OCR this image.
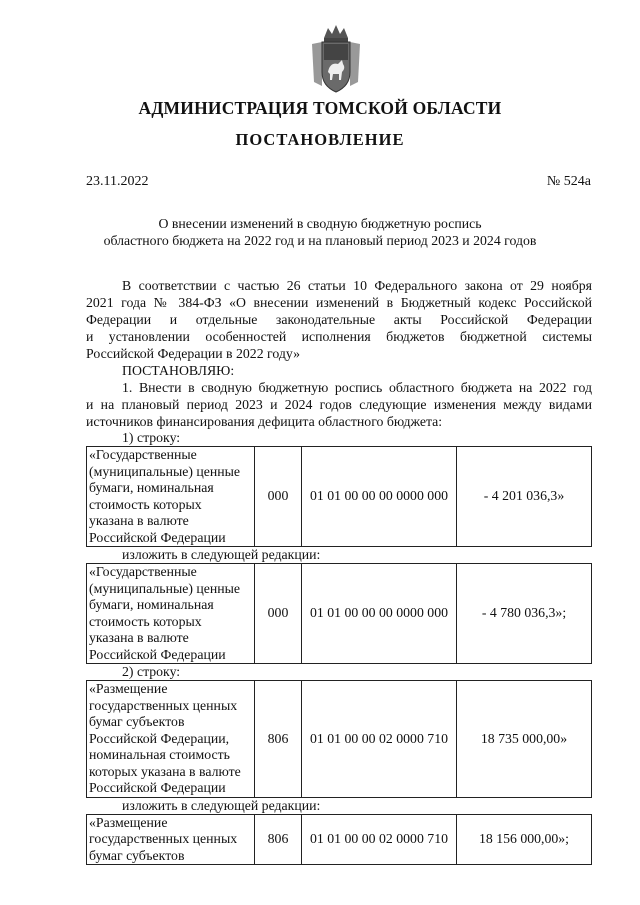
АДМИНИСТРАЦИЯ ТОМСКОЙ ОБЛАСТИ
ПОСТАНОВЛЕНИЕ
23.11.2022	№ 524а
О внесении изменений в сводную бюджетную роспись
областного бюджета на 2022 год и на плановый период 2023 и 2024 годов

В соответствии с частью 26 статьи 10 Федерального закона от 29 ноября

2021 года № 384-ФЗ «О внесении изменений в Бюджетный кодекс Российской

Федерации и отдельные законодательные акты Российской Федерации

и установлении особенностей исполнения бюджетов бюджетной системы

Российской Федерации в 2022 году»

ПОСТАНОВЛЯЮ:

1. Внести в сводную бюджетную роспись областного бюджета на 2022 год

и на плановый период 2023 и 2024 годов следующие изменения между видами

источников финансирования дефицита областного бюджета:

1) строку:
«Государственные
(муниципальные) ценные
бумаги, номинальная
стоимость которых
указана в валюте
Российской Федерации
	000	01 01 00 00 00 0000 000	- 4 201 036,3»
изложить в следующей редакции:
«Государственные
(муниципальные) ценные
бумаги, номинальная
стоимость которых
указана в валюте
Российской Федерации
	000	01 01 00 00 00 0000 000	- 4 780 036,3»;
2) строку:
«Размещение
государственных ценных
бумаг субъектов
Российской Федерации,
номинальная стоимость
которых указана в валюте
Российской Федерации
	806	01 01 00 00 02 0000 710	18 735 000,00»
изложить в следующей редакции:
«Размещение
государственных ценных
бумаг субъектов
	806	01 01 00 00 02 0000 710	18 156 000,00»;
